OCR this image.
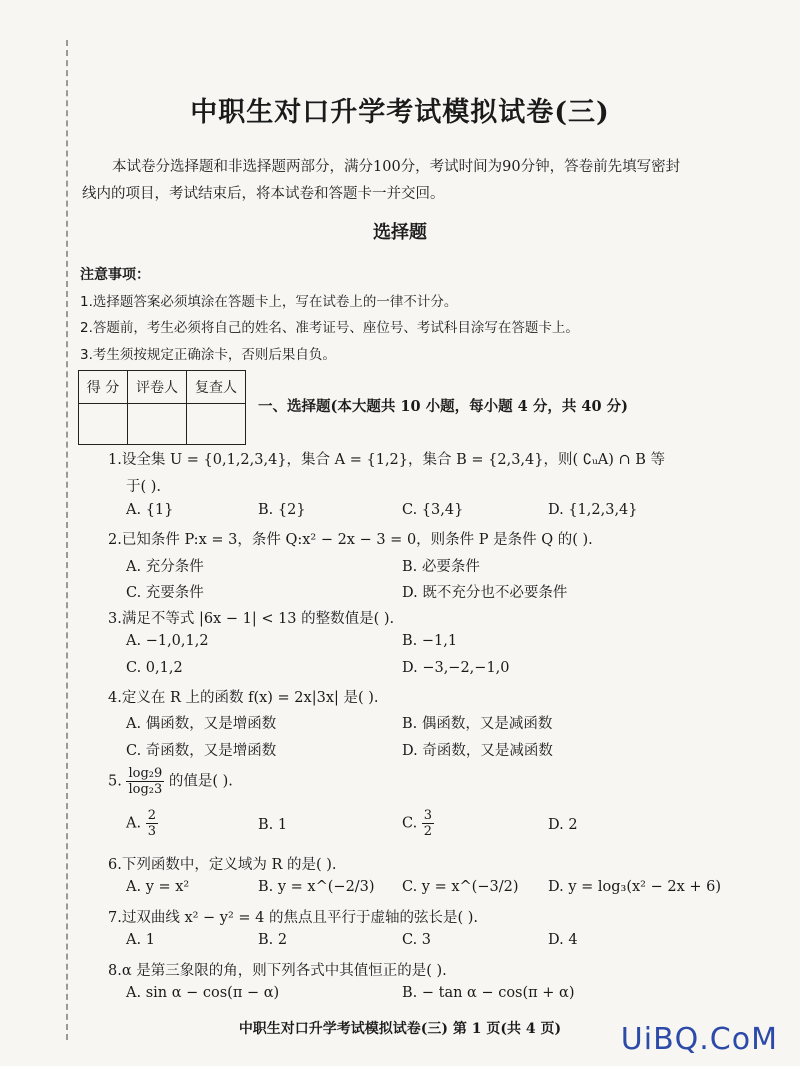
中职生对口升学考试模拟试卷(三)
本试卷分选择题和非选择题两部分，满分100分，考试时间为90分钟，答卷前先填写密封
线内的项目，考试结束后，将本试卷和答题卡一并交回。
选择题
注意事项：
1.选择题答案必须填涂在答题卡上，写在试卷上的一律不计分。
2.答题前，考生必须将自己的姓名、准考证号、座位号、考试科目涂写在答题卡上。
3.考生须按规定正确涂卡，否则后果自负。
得 分	评卷人	复查人

一、选择题(本大题共 10 小题，每小题 4 分，共 40 分)
1.设全集 U = {0,1,2,3,4}，集合 A = {1,2}，集合 B = {2,3,4}，则( ∁ᵤA) ∩ B 等
于( ).
A. {1}	B. {2}	C. {3,4}	D. {1,2,3,4}
2.已知条件 P:x = 3，条件 Q:x² − 2x − 3 = 0，则条件 P 是条件 Q 的( ).
A. 充分条件	B. 必要条件
C. 充要条件	D. 既不充分也不必要条件
3.满足不等式 |6x − 1| < 13 的整数值是( ).
A. −1,0,1,2	B. −1,1
C. 0,1,2	D. −3,−2,−1,0
4.定义在 R 上的函数 f(x) = 2x|3x| 是( ).
A. 偶函数，又是增函数	B. 偶函数，又是减函数
C. 奇函数，又是增函数	D. 奇函数，又是减函数
5. $\frac{\text{log₂9}}{\text{log₂3}}$ 的值是( ).
A. $\frac{2}{3}$	B. 1	C. $\frac{3}{2}$	D. 2
6.下列函数中，定义域为 R 的是( ).
A. y = x²	B. y = x^(−2/3) C. y = x^(−3/2) D. y = log₃(x² − 2x + 6)
7.过双曲线 x² − y² = 4 的焦点且平行于虚轴的弦长是( ).
A. 1	B. 2	C. 3	D. 4
8.α 是第三象限的角，则下列各式中其值恒正的是( ).
A. sin α − cos(π − α)	B. − tan α − cos(π + α)
中职生对口升学考试模拟试卷(三) 第 1 页(共 4 页)	UiBQ.CoM
